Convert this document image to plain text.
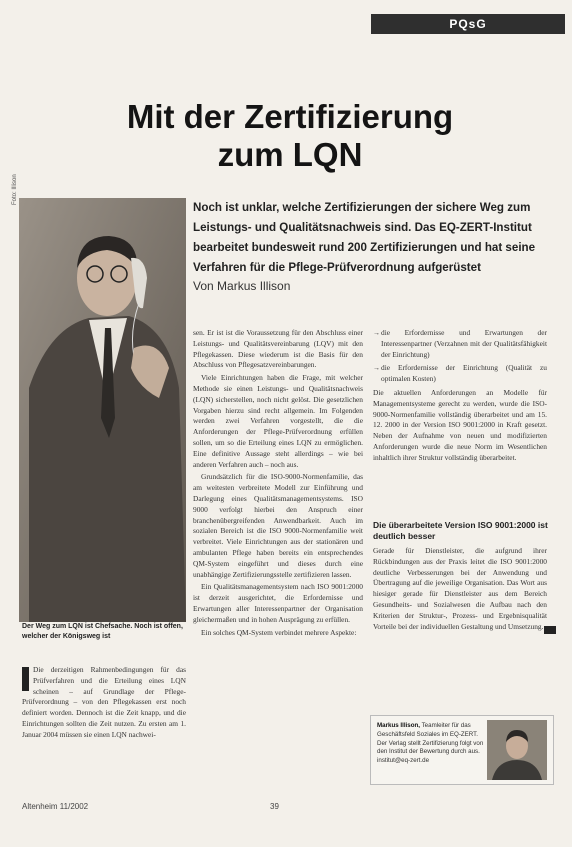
PQsG
Mit der Zertifizierung
zum LQN
Foto: Illison
Der Weg zum LQN ist Chefsache. Noch ist offen, welcher der Königsweg ist
Noch ist unklar, welche Zertifizierungen der sichere Weg zum Leistungs- und Qualitätsnachweis sind. Das EQ-ZERT-Institut bearbeitet bundesweit rund 200 Zertifizierungen und hat seine Verfahren für die Pflege-Prüfverordnung aufgerüstet
Von Markus Illison

Die derzeitigen Rahmenbedingungen für das Prüfverfahren und die Erteilung eines LQN scheinen – auf Grundlage der Pflege-Prüfverordnung – von den Pflegekassen erst noch definiert worden. Dennoch ist die Zeit knapp, und die Einrichtungen sollten die Zeit nutzen. Zu ersten am 1. Januar 2004 müssen sie einen LQN nachwei-

sen. Er ist ist die Voraussetzung für den Abschluss einer Leistungs- und Qualitätsvereinbarung (LQV) mit den Pflegekassen. Diese wiederum ist die Basis für den Abschluss von Pflegesatzvereinbarungen.

Viele Einrichtungen haben die Frage, mit welcher Methode sie einen Leistungs- und Qualitätsnachweis (LQN) sicherstellen, noch nicht gelöst. Die gesetzlichen Vorgaben hierzu sind recht allgemein. Im Folgenden werden zwei Verfahren vorgestellt, die die Anforderungen der Pflege-Prüfverordnung erfüllen sollen, um so die Erteilung eines LQN zu ermöglichen. Eine definitive Aussage steht allerdings – wie bei anderen Verfahren auch – noch aus.

Grundsätzlich für die ISO-9000-Normenfamilie, das am weitesten verbreitete Modell zur Einführung und Darlegung eines Qualitätsmanagementsystems. ISO 9000 verfolgt hierbei den Anspruch einer branchenübergreifenden Anwendbarkeit. Auch im sozialen Bereich ist die ISO 9000-Normenfamilie weit verbreitet. Viele Einrichtungen aus der stationären und ambulanten Pflege haben bereits ein entsprechendes QM-System eingeführt und dieses durch eine unabhängige Zertifizierungsstelle zertifizieren lassen.

Ein Qualitätsmanagementsystem nach ISO 9001:2000 ist derzeit ausgerichtet, die Erfordernisse und Erwartungen aller Interessenpartner der Organisation gleichermaßen und in hohen Ausprägung zu erfüllen.

Ein solches QM-System verbindet mehrere Aspekte:

→ die Erfordernisse und Erwartungen der Interessenpartner (Verzahnen mit der Qualitätsfähigkeit der Einrichtung)

→ die Erfordernisse der Einrichtung (Qualität zu optimalen Kosten)

Die aktuellen Anforderungen an Modelle für Managementsysteme gerecht zu werden, wurde die ISO-9000-Normenfamilie vollständig überarbeitet und am 15. 12. 2000 in der Version ISO 9001:2000 in Kraft gesetzt. Neben der Aufnahme von neuen und modifizierten Anforderungen wurde die neue Norm im Wesentlichen inhaltlich ihrer Struktur vollständig überarbeitet.

Die überarbeitete Version ISO 9001:2000 ist deutlich besser

Gerade für Dienstleister, die aufgrund ihrer Rückbindungen aus der Praxis leitet die ISO 9001:2000 deutliche Verbesserungen bei der Anwendung und Übertragung auf die jeweilige Organisation. Das Wort aus hiesiger gerade für Dienstleister aus dem Bereich Gesundheits- und Sozialwesen die Aufbau nach den Kriterien der Struktur-, Prozess- und Ergebnisqualität Vorteile bei der individuellen Gestaltung und Umsetzung.

Markus Illison, Teamleiter für das Geschäftsfeld Soziales im EQ-ZERT. Der Verlag stellt Zertifizierung folgt von den Institut der Bewertung durch aus. institut@eq-zert.de
Altenheim 11/2002	39
